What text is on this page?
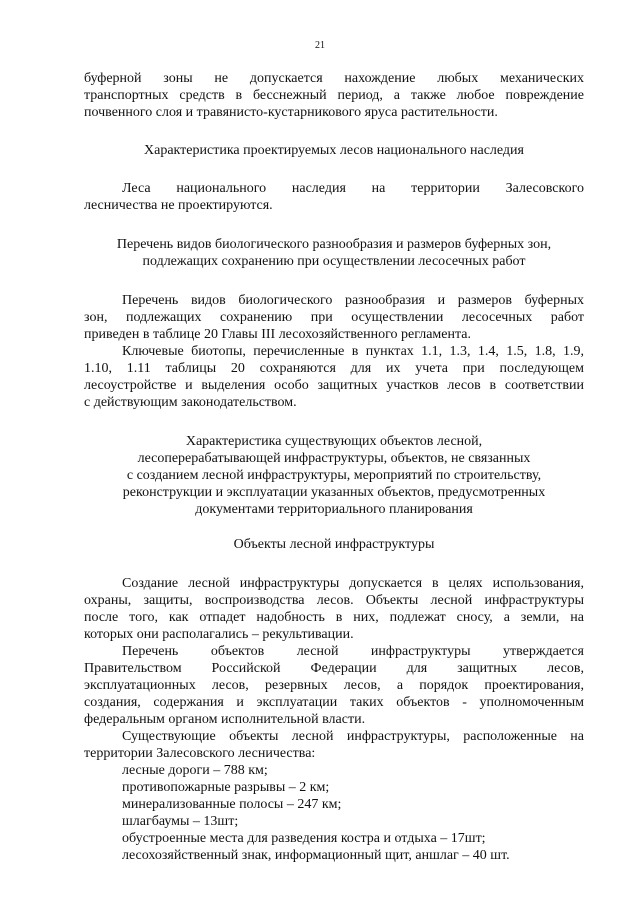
21

буферной зоны не допускается нахождение любых механических

транспортных средств в бесснежный период, а также любое повреждение

почвенного слоя и травянисто-кустарникового яруса растительности.

Характеристика проектируемых лесов национального наследия

Леса национального наследия на территории Залесовского

лесничества не проектируются.

Перечень видов биологического разнообразия и размеров буферных зон,

подлежащих сохранению при осуществлении лесосечных работ

Перечень видов биологического разнообразия и размеров буферных

зон, подлежащих сохранению при осуществлении лесосечных работ

приведен в таблице 20 Главы III лесохозяйственного регламента.

Ключевые биотопы, перечисленные в пунктах 1.1, 1.3, 1.4, 1.5, 1.8, 1.9,

1.10, 1.11 таблицы 20 сохраняются для их учета при последующем

лесоустройстве и выделения особо защитных участков лесов в соответствии

с действующим законодательством.

Характеристика существующих объектов лесной,

лесоперерабатывающей инфраструктуры, объектов, не связанных

с созданием лесной инфраструктуры, мероприятий по строительству,

реконструкции и эксплуатации указанных объектов, предусмотренных

документами территориального планирования

Объекты лесной инфраструктуры

Создание лесной инфраструктуры допускается в целях использования,

охраны, защиты, воспроизводства лесов. Объекты лесной инфраструктуры

после того, как отпадет надобность в них, подлежат сносу, а земли, на

которых они располагались – рекультивации.

Перечень объектов лесной инфраструктуры утверждается

Правительством Российской Федерации для защитных лесов,

эксплуатационных лесов, резервных лесов, а порядок проектирования,

создания, содержания и эксплуатации таких объектов - уполномоченным

федеральным органом исполнительной власти.

Существующие объекты лесной инфраструктуры, расположенные на

территории Залесовского лесничества:

лесные дороги – 788 км;

противопожарные разрывы – 2 км;

минерализованные полосы – 247 км;

шлагбаумы – 13шт;

обустроенные места для разведения костра и отдыха – 17шт;

лесохозяйственный знак, информационный щит, аншлаг – 40 шт.
